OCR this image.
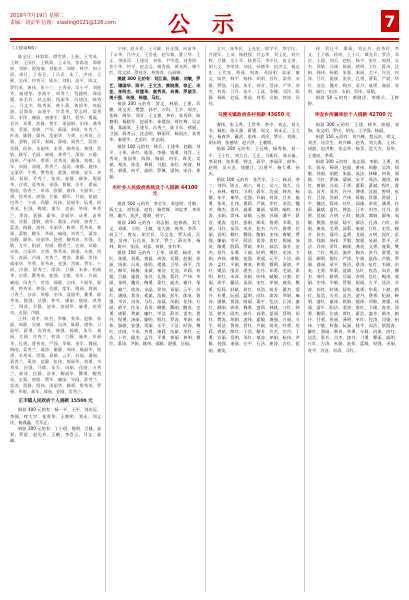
2016年7月19日 星期二
责编：刘安华 信箱：xiaoling0121@126.com 公示	7
（上接第6版）

陈宝仕、林彩婷、谭雪娇、王振、王雪英、王婷、王国民、王秋菊、王永亮、张霜星、郑婷婷、刘婷、倪海瑞、刘振芳、刘婷、林宇、何小清、周仕。丁贵芬、丁乐武、朱丁、洪涛、王静、吴伟、何秀芬、陈庆、刘阳、高平、陈文、罗红英、黄伟、张小三、王秀英。吴小平、刘桂芳、杨建华、李海平、周秀兰、蔡晓明、郑国强、孙美玲、赵志刚、钱丽华、冯建国、韩秀云、马文杰、陈秀英、林小燕、黄国华、何丽娟、吴海涛、高建平、许美华、罗志明、梁秀珍、宋伟、谢丽、唐建军、董红、程华、曹磊、袁芳、邓勇、彭静、曾军、萧丽娟、田伟、潘秀英、蔡强、苏敏、卢军、蒋丽、余刚、杜秀兰、叶涛、姚静、廖伟、范丽华、方勇、石秀英、汪强、金敏、邱军、秦丽、薛刚、阎秀兰、段涛、雷静、侯伟、龙丽华、史勇、陶秀英、黎强、贺敏、顾军、毛丽、郝刚、龚秀兰、邵涛、万静、钱伟、严丽华、覃勇、武秀英、戴强、莫敏、孔军、向丽、汤刚、常秀兰、温涛、康静、施伟、文丽华、牛勇、樊秀英、葛强、邢敏、安军、齐丽、易刚、乔秀兰、伍涛、庞静、颜伟、倪丽华、庄勇、聂秀英、章强、鲁敏、岳军、翟丽、殷刚、詹秀兰、申涛、欧静、耿伟、关丽华、兰勇、焦秀英、俞强、左敏、柳军、甘丽、祝刚、包秀兰、宁涛、尚静、符伟、舒丽华、阮勇、柯秀英、纪强、梅敏、童军、凌丽、毕刚、单秀兰、季涛、裴静、霍伟、涂丽华、成勇、苗秀英、谷强、盛敏、曲军、翁丽、冉刚、骆秀兰、蓝涛、路静、游伟、辛丽华、靳勇、管秀英、柴强、蒙敏、鲍军、华丽、喻刚、祁秀兰、蒲涛、房静、滕伟、屈丽华、饶勇、解秀英、牟强、艾敏、尤军、阳丽、时刚、穆秀兰、农涛、司静、卓伟、古丽华、吉勇、缪秀英、简强、车敏、项军、连丽、芦刚、麦秀兰、褚涛、娄静、窦伟、戚丽华、岑勇、景秀英、党强、宫敏、费军、卜丽、冷刚、晏秀兰、席涛、卫静、米伟、柏丽华、宗勇、瞿秀英、桂强、全敏、佟军、应丽、臧刚、闵秀兰、苟涛、邬静、边伟、卞丽华、姬勇、师秀英、和强、仇敏、栾军、隋丽、商刚、刁秀兰、沙涛、荣静、巫伟、寇丽华、桑勇、郎秀英、甄强、丛敏、仲军、虞丽、敖刚、巩秀兰、明涛、佘静、池伟、查丽华、麻勇、苑秀英、迟强、邝敏。

王林、刘芳、陈杰、李娜、张伟、赵敏、孙磊、周静、吴刚、郑丽、冯涛、陈静、褚伟、卫丽华、蒋勇、沈秀英、韩强、杨敏、朱军、秦丽、尤刚、许秀兰、何涛、吕静、施伟、张丽华、孔勇、曹秀英、严强、华敏、金军、魏丽、陶刚、姜秀兰、戚涛、谢静、邹伟、喻丽华、柏勇、水秀英、窦强、章敏、云军、苏丽、潘刚、葛秀兰、奚涛、范静、彭伟、郎丽华、鲁勇、韦秀英、昌强、马敏、苗军、凤丽、花刚、方秀兰、俞涛、任静、袁伟、柳丽华、酆勇、鲍秀英、史强、唐敏、费军、廉丽、岑刚、薛秀兰、雷涛、贺静、倪伟、汤丽华、滕勇、殷秀英、罗强、毕敏、郝军、邬丽、安刚、常秀兰。

正丰镇人民政府个人捐款 15500 元

捐款 400 元的有：杨一平、王平、刘庆远、李强、徐大学、张贵华、王艳明、刘永、刘义庆、杨燕鑫、代军正。

捐款 200 元的有：丁小琪、黎明、吕健、高景、罗思、赵光芳、王鹤、李青云、马文、高峰。

宁伟、赵开祥、王可耀、杜光强、向苗华、于永华、吕中文、王雪曼、赵军雄、曹立华、王正、李丽萍。王建设、刘伟、尹雪莲、刘秀琼、张小华、何平、赵志远、杨秀丽、黄光辉、谢小红、郑文斌、罗桂芝、林海涛、冯丽娜。

捐款 300 元的有：刘江南、钱新、刘敏，罗艺、谭国华、陈平、王文杰、黄晓燕、徐正、宋佳、张明杰、何建华、高秀英、吴海、罗淑芬、周小强、朱丽、杨建、马红。

捐款 200 元的有：贺文、林菊、王建、武鹏、孙文芳、樊慧、孙宇、万科、王学、周杰、张辉、周华、刘芳、王文强、李芳、张秀珍、陈德明、杨晓军、赵丽华、孙建国、周红梅、吴志强、郑淑英、王建军、冯秀兰、陈卫东、褚丽、卫强、蒋秀云、沈志明、韩丽萍、杨国庆、朱秀华、秦建平、尤美玲、许志刚。

捐款 100 元的有：林兵、王建华、赵顺、刘平、王伟、孙红、陈涛、李静、钱勇、刘洋、王秀英、张国华、陈海、杨丽、何军、周美、吴斌、郑洁、孙浩、黄莉、马超、朱红、胡波、林芳、郭强、何平、高明、罗琳、梁伟、宋丹、郑磊。

木叶乡人民政府系统及个人捐款 44100 元

捐款 500 元的有：李全军、张思明、甘敏、蒋大文、刘有丽、赵有、杨世辉、刘忠孝、李凤明、戴月、张洪、曹晓、何宁。

捐款 200 元的有：刘志刚、赵春燕、刘大文、邓敏、王明、王敏、张大波、周秀、李萍、何玉兰、曾友、胡学民、马文龙、罗天成、汪艳、吴伟、石长英、张学、罗兰、蒋光华、杨林、陈中、张国、刘蓉、何秋、张有华。

捐款 100 元的有：王华、陈勇、杨洋、李红、张敏、刘燕、黄磊、周涛、吴静、赵刚、孙丽、钱伟、冯英、陈明、褚建、卫华、蒋平、沈红、韩军、杨梅、朱斌、秦洁、尤浩、许莉、何超、吕娟、施波、张芳、孔强、曹玲、严伟、华丽、金明、魏芳、陶勇、姜红、戚杰、谢丹、邹磊、喻兰、柏涛、水晶、窦伟、章丽、云平、苏红、潘刚、葛洁、奚斌、范敏、彭军、郎英、鲁强、韦芳、昌涛、马红、苗磊、凤娟、花伟、方丽、俞平、任洁、袁涛、柳敏、酆刚、鲍英、史勇、唐莉、费斌、廉红、岑浩、薛芳、雷杰、贺丹、倪勇、汤丽、滕明、殷红、罗涛、毕娟、郝伟、邬敏、安强、常丽、乐平、于洁、时涛、傅红、皮刚、卞英、齐勇、康莉、伍斌、余红、元浩、卜芳、顾杰、孟丹、平勇、黄丽、和明、穆红、萧涛、尹娟、姚伟、邵敏、湛强、汪丽。

义兴、汤华民、王光宏、徐学平、李学民、卢建军、王承、杨胜强、付志华、刘玉花、何兴辉、吕健、龙小军、陆秀芬、李平民、冉文琼、胡大义、李荣坤、刘佳、孙德华、赵洪文、杨志宏、王代亮、黄燕、周海、邓国明、高丽、谢文、陈洪、韩平、杨林、胡明、苏红、梁勇、宋敏、罗强、马丽、朱军、郭芳、蔡伟、严华、余杰、何涛、吕丹、张平、王磊、李娜、刘洋、陈静、杨帆、赵磊、黄丽、周勇、吴敏、徐涛、孙伟。

马渡关镇政府各村捐款 43650 元

谭伟、张玉秀、王世华、李中、刘志、刘大书、杨松、陈天强、蒋建、周文、刘永正、王大军、杨春华、戴武、张伟、刘庆、罗应、刘海、胡永明、张德华、赵兴洪、王朝明。

捐款 200 元的有：王远林、杨秀春、刘一平、王小红、刘大兵、王正、马新民、邹永福、李双林、张传勇、钟文、蒋学、李丽萍、胡华、赵明、吴天龙、钱德江、冯建平、杨大勇、孙庆。

捐款 100 元的有：张代军、王二、杨双、李三、刘四、陈五、胡六、周七、吴八、郑九、冯十、孙林、褚红、卫明、蒋军、沈丽、韩杰、杨敏、朱平、秦华、尤强、许娟、何涛、吕芳、施勇、张英、孔伟、曹莉、严斌、华红、金浩、魏芳、陶杰、姜丹、戚勇、谢丽、邹明、喻红、柏涛、水娟、窦伟、章敏、云强、苏丽、潘平、葛洁、奚涛、范红、彭刚、郎英、鲁勇、韦莉、昌斌、马红、苗浩、凤芳、花杰、方丹、俞勇、任丽、袁明、柳红、酆涛、鲍娟、史伟、唐敏、费强、廉丽、岑平、薛洁、雷涛、贺红、倪刚、汤英、滕勇、殷莉、罗斌、毕红、郝浩、邬芳、安杰、常丹、乐勇、于丽、时明、傅红、皮涛、卞娟、齐伟、康敏、伍强、余丽、元平、卜洁、顾涛、孟红、平刚、黄英、和勇、穆莉、萧斌、尹红、姚浩、邵芳、湛杰、汪丹、祁勇、毛丽、禹明、狄红、米涛、贝娟、明伟、臧敏、计强、伏丽、成平、戴洁、谈涛、宋红、茅刚、庞英、熊勇、纪莉、舒斌、屈红、项浩、祝芳、董杰、梁丹、杜勇、阮丽、蓝明、闵红、席涛、季娟、麻伟、强敏、贾强、路丽、娄平、危洁、江涛、童红、颜刚、郭英、梅勇、盛莉、林斌、刁红、钟浩、徐芳、邱杰、骆丹、高勇、夏丽、蔡明、田红、樊涛、胡娟、凌伟、霍敏、虞强、万丽、支平、柯洁、昝涛、管红、卢刚、莫英、经勇、房莉、裘斌、缪红、干浩、解芳、应杰、宗丹、丁勇、宣丽、贲明、邓红、郁涛、单娟、杭伟、洪敏、包强、诸丽、左平、石洁、崔涛、吉红、钮刚、龚英。

伟、贺仕平、廖燕、刘正杰、赵秀玲、李文、王子敏、孙明、王小兵、谭光兵、罗洁、邓庆、王超、刘兵、赵松、杨平、张红、周海、吴杰、郑敏、冯刚、陈丽、褚明、卫红、蒋涛、沈娟、韩伟、杨敏、朱强、秦丽、尤平、许洁、何涛、吕红、施刚、张英、孔勇、曹莉、严斌、华红、金浩、魏芳、陶杰、姜丹、戚勇、谢丽、邹明、喻红、柏涛、水娟、窦伟、章敏。

捐款 50 元的有：黄晓洋、李维兵、王婷婷。

华安乡所属单位个人捐款 42700 元

捐款 300 元的有：王建、林冬、陈超、刘海、张文明、罗庆、胡光、王学强、杨丽。

捐款 150 元的有：刘兴峰、程远东、胡文、刘杰、冯宗生、何兴峰、赵秀、刘大海、王冰、胡波、赵洪彬、张志华、杨青、沈大为、邓华、王建成、李勇。

捐款 100 元的有：张志强、李娟、王勇、刘军、陈芳、杨明、赵丽、黄伟、周静、吴涛、徐敏、孙强、胡艳、朱磊、高洁、林峰、何英、郭斌、马红、罗刚、梁丽、宋平、郑洁、谢涛、韩红、唐刚、冯英、于勇、董莉、萧斌、程红、曹浩、袁芳、邓杰、许丹、傅勇、沈丽、曾明、彭红、吕涛、苏娟、卢伟、蒋敏、蔡强、贾丽、丁平、魏洁、薛涛、叶红、阎刚、余英、潘勇、杜莉、戴斌、夏红、钟浩、汪芳、田杰、任丹、姜勇、范丽、方明、石红、姚涛、谭娟、廖伟、邹敏、熊强、金丽、陆平、郝洁、孔涛、白红、崔刚、康英、毛勇、邱莉、秦斌、江红、史浩、顾芳、侯杰、邵丹、孟勇、龙丽、万明、段红、雷涛、钱娟、汤伟、尹敏、黎强、易丽、常平、武洁、乔涛、贺红、赖刚、龚英、文勇、庞莉、樊斌、兰红、殷浩、施芳、陶杰、洪丹、翟勇、安丽、颜明、倪红、严涛、牛娟、温伟、芦敏、季强、俞丽、章平、鲁洁、葛涛、伍红、韦刚、申英、尤勇、毕莉、聂斌、丛红、焦浩、向芳、柳杰、邢丹、路勇、岳丽、齐明、沿红、梅涛、莫娟、庄伟、辛敏、管强、祝丽、左平、涂洁、谷涛、祁红、时刚、舒英、耿勇、牟莉、卜斌、路红、詹浩、关芳、苗杰、凌丹、费勇、纪丽、靳明、盛红、童涛、欧娟、甄伟、项敏、曲强、成丽、游平、阳洁、裴涛、席红、卫刚、查英、屈勇、鲍莉、位斌、覃红、霍浩、翁芳、隋杰、植丹、甘勇、景丽、薄明、单红、包涛、司娟、柏伟、宁敏、柯强、阮丽、桂平、闵洁、欧阳涛、解红、强刚、柴英、华勇、车莉、冉斌、房红、边浩、辜芳、吉杰、饶丹、刁勇、瞿丽、戚明、丘红、古涛、米娟、池伟、蓝敏、权强、巫丽、麦平、冷洁、卓涛、习红。
